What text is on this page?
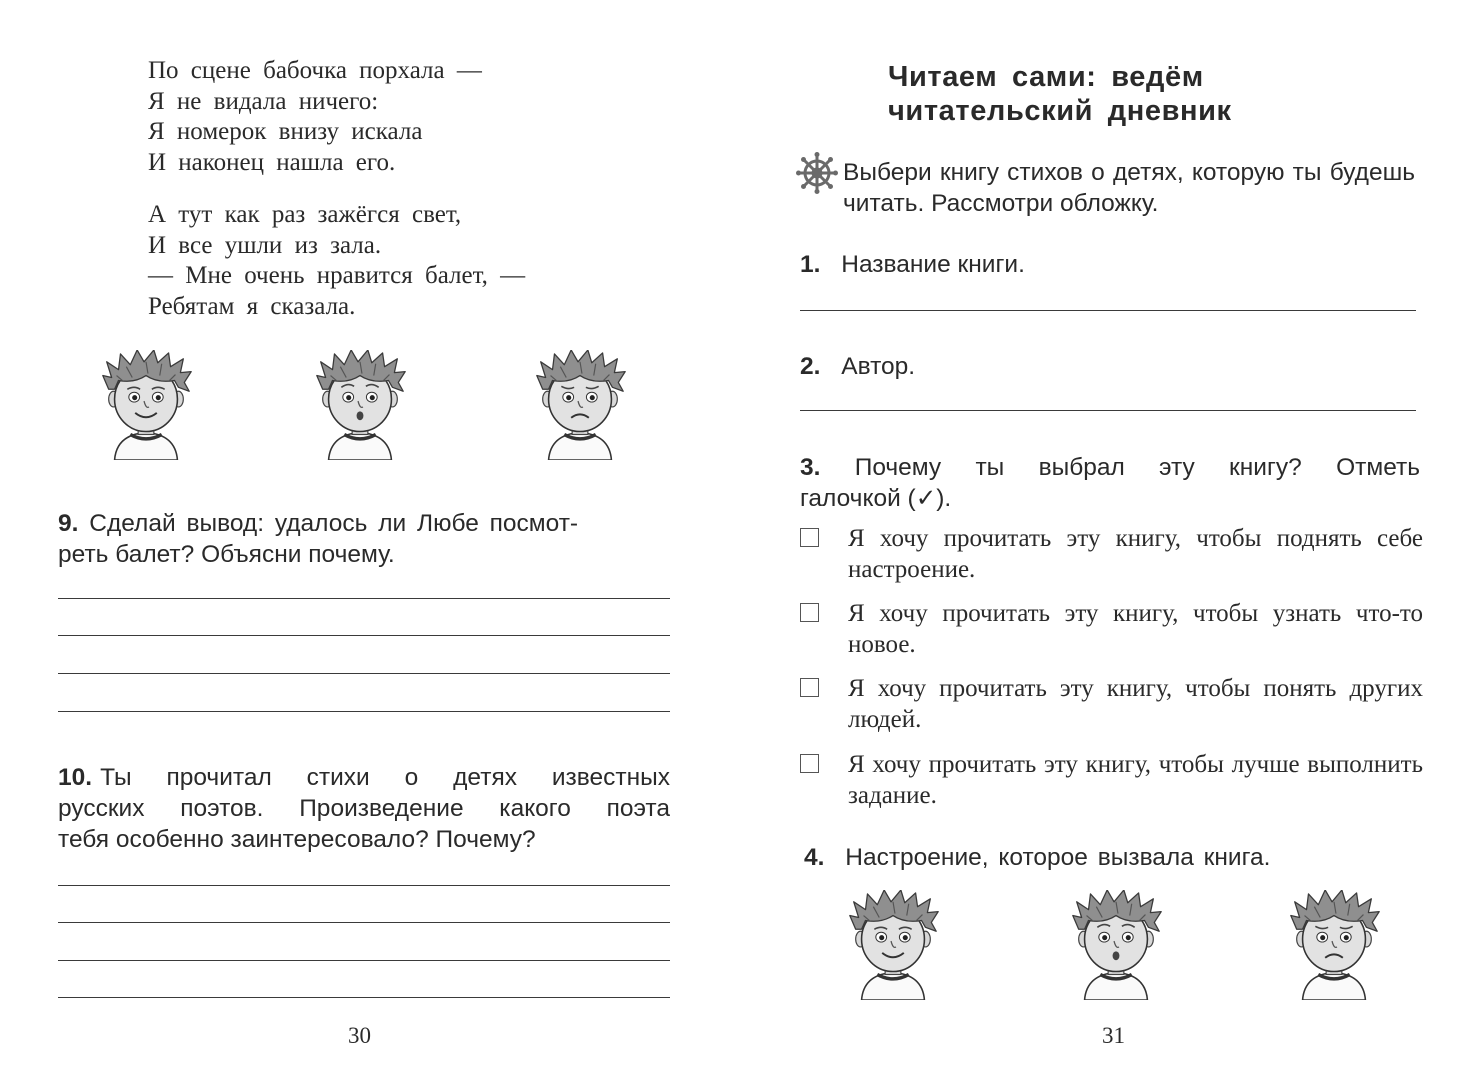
По сцене бабочка порхала —
Я не видала ничего:
Я номерок внизу искала
И наконец нашла его.
А тут как раз зажёгся свет,
И все ушли из зала.
— Мне очень нравится балет, —
Ребятам я сказала.
9. Сделай вывод: удалось ли Любе посмот-
реть балет? Объясни почему.
10. Ты прочитал стихи о детях известных
русских поэтов. Произведение какого поэта
тебя особенно заинтересовало? Почему?
30
Читаем сами: ведём
читательский дневник
Выбери книгу стихов о детях, которую ты будешь читать. Рассмотри обложку.
1. Название книги.
2. Автор.
3. Почему ты выбрал эту книгу? Отметь
галочкой (✓).
Я хочу прочитать эту книгу, чтобы поднять себе настроение.
Я хочу прочитать эту книгу, чтобы узнать что-то новое.
Я хочу прочитать эту книгу, чтобы понять других людей.
Я хочу прочитать эту книгу, чтобы лучше выполнить задание.
4. Настроение, которое вызвала книга.
31
